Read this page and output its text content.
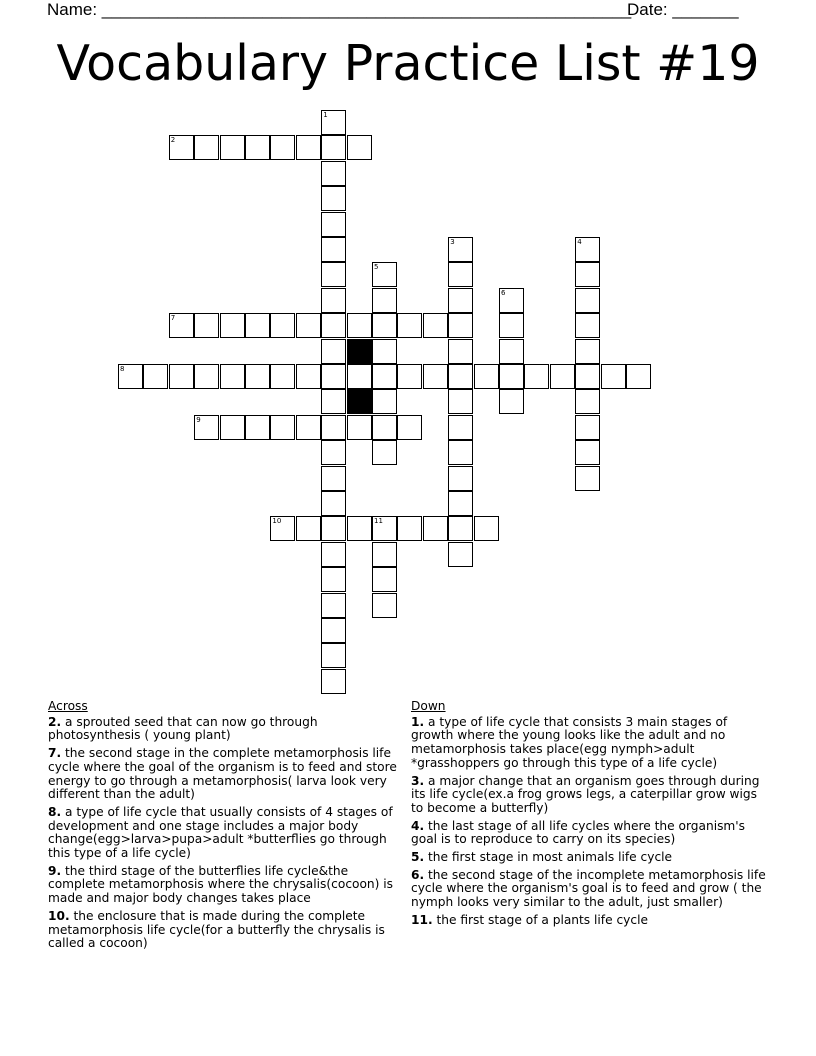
Name: ________________________________________________________
Date: _______
Vocabulary Practice List #19
1
2
3	4
5
6
7
8
9
10	11
Across
2. a sprouted seed that can now go through photosynthesis ( young plant)
7. the second stage in the complete metamorphosis life cycle where the goal of the organism is to feed and store energy to go through a metamorphosis( larva look very different than the adult)
8. a type of life cycle that usually consists of 4 stages of development and one stage includes a major body change(egg>larva>pupa>adult *butterflies go through this type of a life cycle)
9. the third stage of the butterflies life cycle&the complete metamorphosis where the chrysalis(cocoon) is made and major body changes takes place
10. the enclosure that is made during the complete metamorphosis life cycle(for a butterfly the chrysalis is called a cocoon)
Down
1. a type of life cycle that consists 3 main stages of growth where the young looks like the adult and no metamorphosis takes place(egg nymph>adult *grasshoppers go through this type of a life cycle)
3. a major change that an organism goes through during its life cycle(ex.a frog grows legs, a caterpillar grow wigs to become a butterfly)
4. the last stage of all life cycles where the organism's goal is to reproduce to carry on its species)
5. the first stage in most animals life cycle
6. the second stage of the incomplete metamorphosis life cycle where the organism's goal is to feed and grow ( the nymph looks very similar to the adult, just smaller)
11. the first stage of a plants life cycle
